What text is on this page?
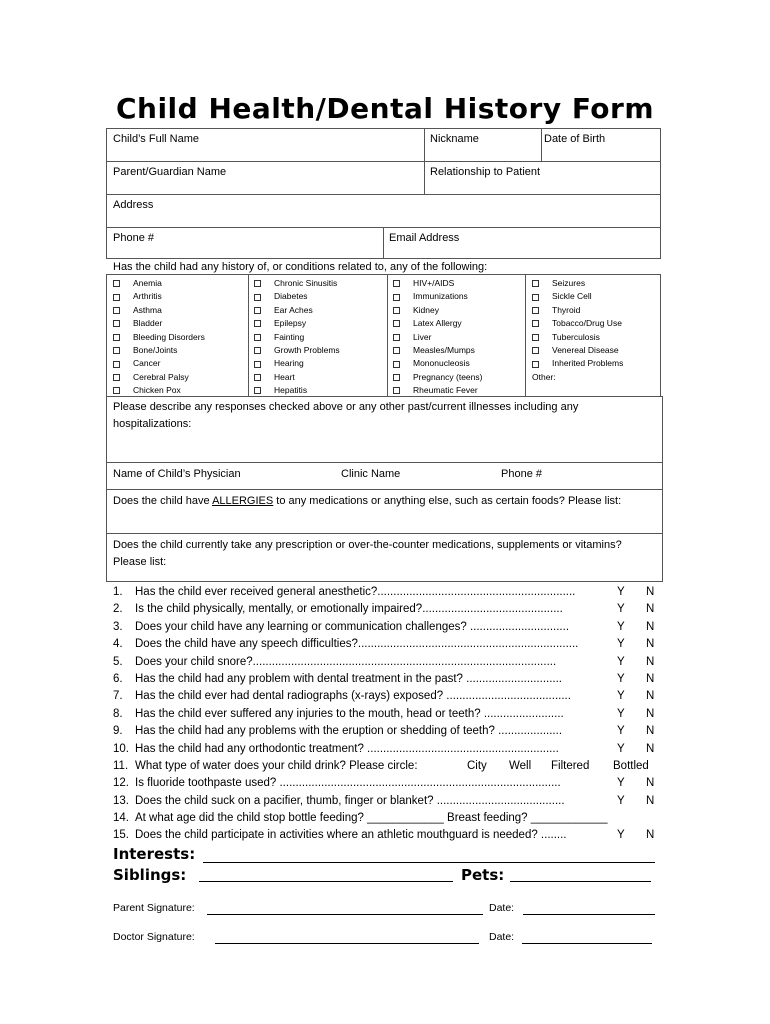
Child Health/Dental History Form
Child’s Full Name	Nickname	Date of Birth
Parent/Guardian Name	Relationship to Patient
Address
Phone #	Email Address
Has the child had any history of, or conditions related to, any of the following:
Anemia
Arthritis
Asthma
Bladder
Bleeding Disorders
Bone/Joints
Cancer
Cerebral Palsy
Chicken Pox
Chronic Sinusitis
Diabetes
Ear Aches
Epilepsy
Fainting
Growth Problems
Hearing
Heart
Hepatitis
HIV+/AIDS
Immunizations
Kidney
Latex Allergy
Liver
Measles/Mumps
Mononucleosis
Pregnancy (teens)
Rheumatic Fever
Seizures
Sickle Cell
Thyroid
Tobacco/Drug Use
Tuberculosis
Venereal Disease
Inherited Problems
Other:
Please describe any responses checked above or any other past/current illnesses including any hospitalizations:
Name of Child’s Physician	Clinic Name	Phone #
Does the child have ALLERGIES to any medications or anything else, such as certain foods? Please list:
Does the child currently take any prescription or over-the-counter medications, supplements or vitamins? Please list:
1. Has the child ever received general anesthetic?..............................................................	Y N
2. Is the child physically, mentally, or emotionally impaired?............................................	Y N
3. Does your child have any learning or communication challenges? ...............................	Y N
4. Does the child have any speech difficulties?.....................................................................	Y N
5. Does your child snore?...............................................................................................	Y N
6. Has the child had any problem with dental treatment in the past? ..............................	Y N
7. Has the child ever had dental radiographs (x-rays) exposed? .......................................	Y N
8. Has the child ever suffered any injuries to the mouth, head or teeth? .........................	Y N
9. Has the child had any problems with the eruption or shedding of teeth? ....................	Y N
10. Has the child had any orthodontic treatment? ............................................................	Y N
11. What type of water does your child drink? Please circle:	City Well Filtered Bottled
12. Is fluoride toothpaste used? ........................................................................................	Y N
13. Does the child suck on a pacifier, thumb, finger or blanket? ........................................	Y N
14. At what age did the child stop bottle feeding? ____________ Breast feeding? ____________
15. Does the child participate in activities where an athletic mouthguard is needed? ........	Y N
Interests:
Siblings:	Pets:
Parent Signature:	Date:
Doctor Signature:	Date:
